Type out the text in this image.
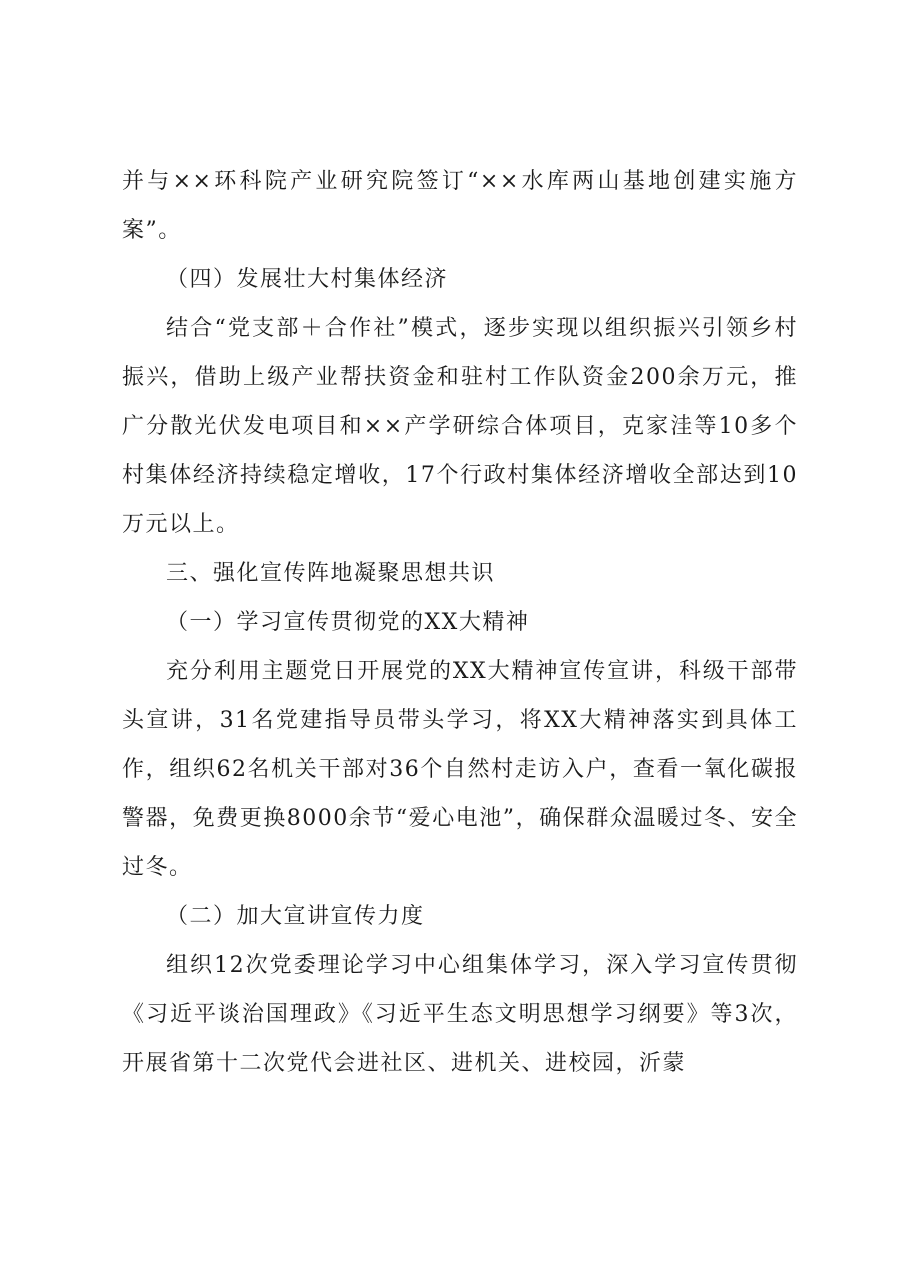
并与××环科院产业研究院签订“××水库两山基地创建实施方案”。

（四）发展壮大村集体经济

结合“党支部＋合作社”模式，逐步实现以组织振兴引领乡村振兴，借助上级产业帮扶资金和驻村工作队资金200余万元，推广分散光伏发电项目和××产学研综合体项目，克家洼等10多个村集体经济持续稳定增收，17个行政村集体经济增收全部达到10万元以上。

三、强化宣传阵地凝聚思想共识

（一）学习宣传贯彻党的XX大精神

充分利用主题党日开展党的XX大精神宣传宣讲，科级干部带头宣讲，31名党建指导员带头学习，将XX大精神落实到具体工作，组织62名机关干部对36个自然村走访入户，查看一氧化碳报警器，免费更换8000余节“爱心电池”，确保群众温暖过冬、安全过冬。

（二）加大宣讲宣传力度

组织12次党委理论学习中心组集体学习，深入学习宣传贯彻《习近平谈治国理政》《习近平生态文明思想学习纲要》等3次，开展省第十二次党代会进社区、进机关、进校园，沂蒙
